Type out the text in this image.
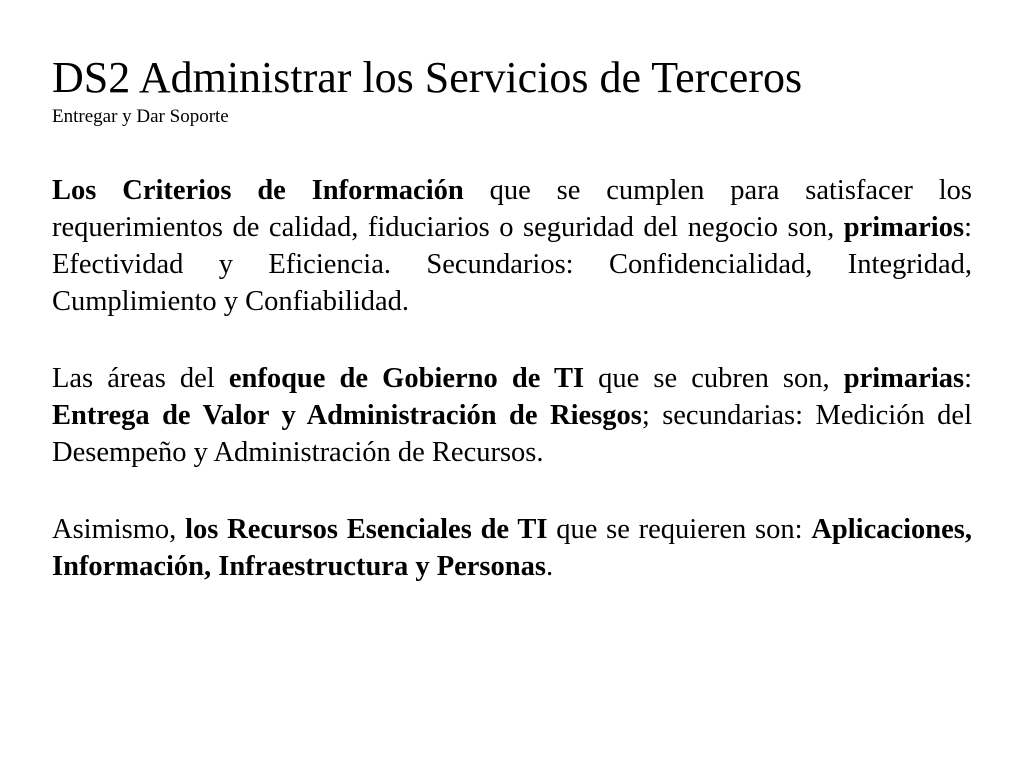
DS2 Administrar los Servicios de Terceros
Entregar y Dar Soporte

Los Criterios de Información que se cumplen para satisfacer los requerimientos de calidad, fiduciarios o seguridad del negocio son, primarios: Efectividad y Eficiencia. Secundarios: Confidencialidad, Integridad, Cumplimiento y Confiabilidad.

Las áreas del enfoque de Gobierno de TI que se cubren son, primarias: Entrega de Valor y Administración de Riesgos; secundarias: Medición del Desempeño y Administración de Recursos.

Asimismo, los Recursos Esenciales de TI que se requieren son: Aplicaciones, Información, Infraestructura y Personas.
